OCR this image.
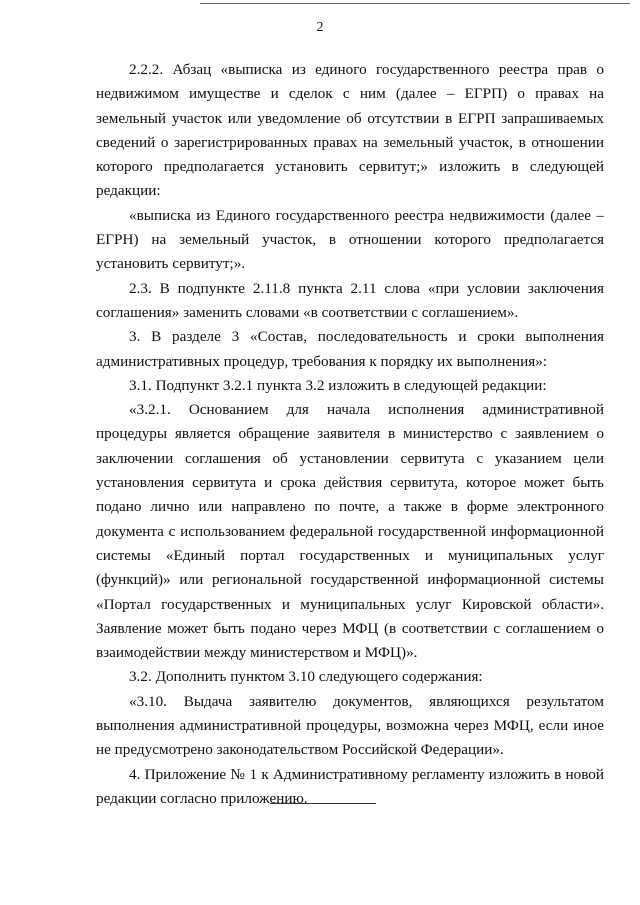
2

2.2.2. Абзац «выписка из единого государственного реестра прав о недвижимом имуществе и сделок с ним (далее – ЕГРП) о правах на земельный участок или уведомление об отсутствии в ЕГРП запрашиваемых сведений о зарегистрированных правах на земельный участок, в отношении которого предполагается установить сервитут;» изложить в следующей редакции:

«выписка из Единого государственного реестра недвижимости (далее – ЕГРН) на земельный участок, в отношении которого предполагается установить сервитут;».

2.3. В подпункте 2.11.8 пункта 2.11 слова «при условии заключения соглашения» заменить словами «в соответствии с соглашением».

3. В разделе 3 «Состав, последовательность и сроки выполнения административных процедур, требования к порядку их выполнения»:

3.1. Подпункт 3.2.1 пункта 3.2 изложить в следующей редакции:

«3.2.1. Основанием для начала исполнения административной процедуры является обращение заявителя в министерство с заявлением о заключении соглашения об установлении сервитута с указанием цели установления сервитута и срока действия сервитута, которое может быть подано лично или направлено по почте, а также в форме электронного документа с использованием федеральной государственной информационной системы «Единый портал государственных и муниципальных услуг (функций)» или региональной государственной информационной системы «Портал государственных и муниципальных услуг Кировской области». Заявление может быть подано через МФЦ (в соответствии с соглашением о взаимодействии между министерством и МФЦ)».

3.2. Дополнить пунктом 3.10 следующего содержания:

«3.10. Выдача заявителю документов, являющихся результатом выполнения административной процедуры, возможна через МФЦ, если иное не предусмотрено законодательством Российской Федерации».

4. Приложение № 1 к Административному регламенту изложить в новой редакции согласно приложению.
